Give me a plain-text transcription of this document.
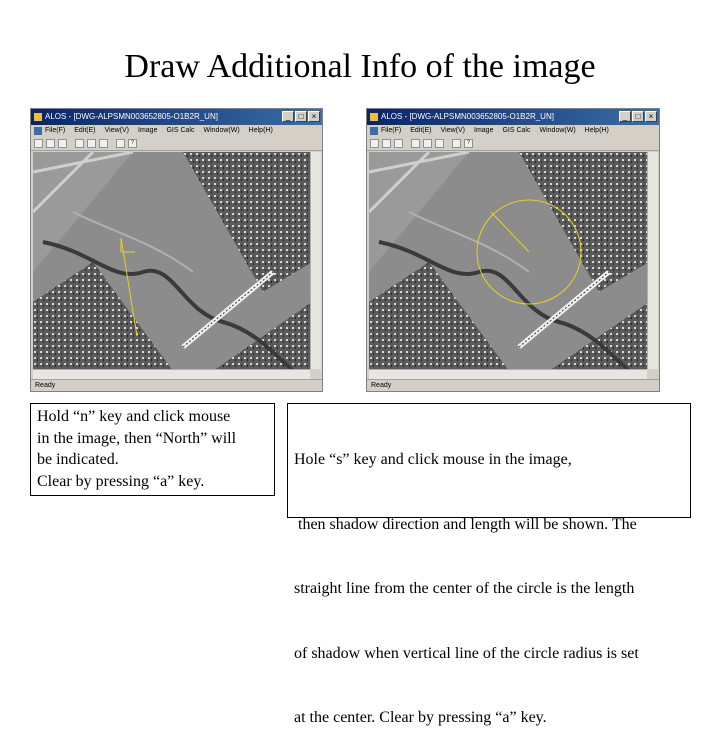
Draw Additional Info of the image
ALOS - [DWG-ALPSMN003652805-O1B2R_UN]	_	□	×
File(F) Edit(E) View(V) Image GIS Calc Window(W) Help(H)
?
Ready
ALOS - [DWG-ALPSMN003652805-O1B2R_UN]	_	□	×
File(F) Edit(E) View(V) Image GIS Calc Window(W) Help(H)
?
Ready
Hold “n” key and click mouse
in the image, then “North” will
be indicated.
Clear by pressing “a” key.

Hole “s” key and click mouse in the image,

then shadow direction and length will be shown. The

straight line from the center of the circle is the length

of shadow when vertical line of the circle radius is set

at the center. Clear by pressing “a” key.
